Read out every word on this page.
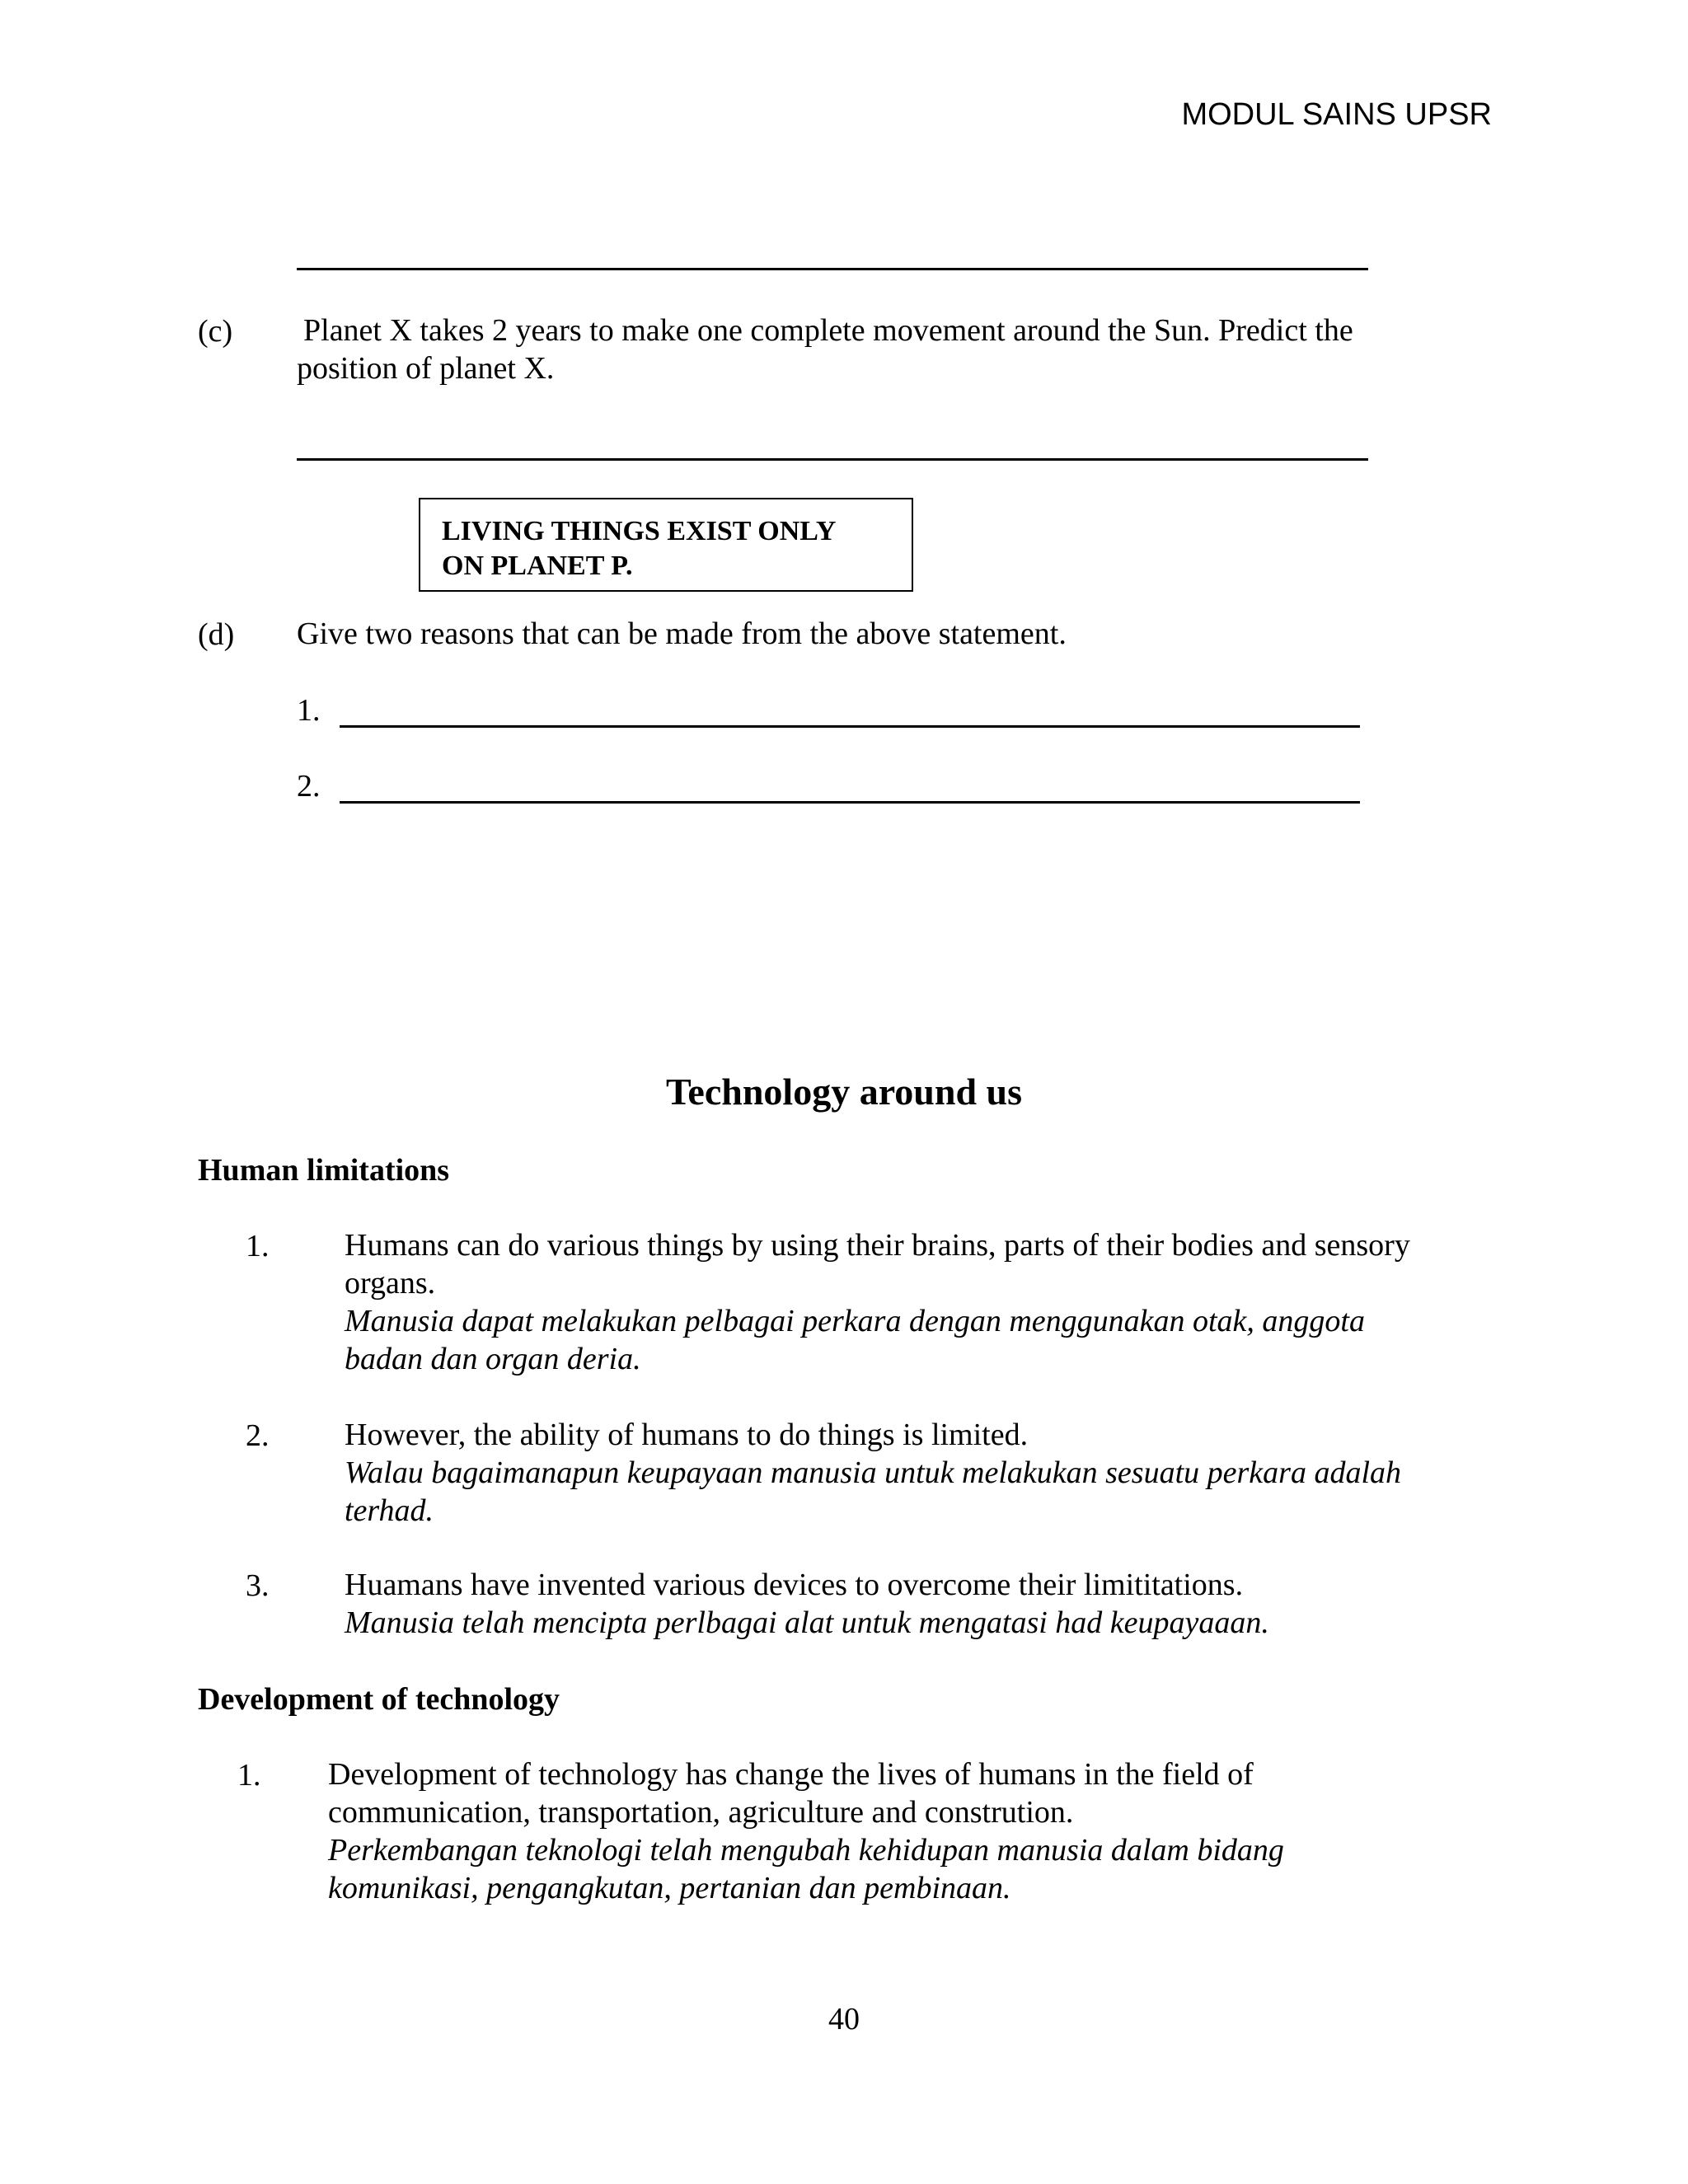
MODUL SAINS UPSR
(c) Planet X takes 2 years to make one complete movement around the Sun. Predict the position of planet X.
LIVING THINGS EXIST ONLY
ON PLANET P.
(d) Give two reasons that can be made from the above statement.
1.
2.
Technology around us
Human limitations
1. Humans can do various things by using their brains, parts of their bodies and sensory organs.
Manusia dapat melakukan pelbagai perkara dengan menggunakan otak, anggota badan dan organ deria.
2. However, the ability of humans to do things is limited.
Walau bagaimanapun keupayaan manusia untuk melakukan sesuatu perkara adalah terhad.
3. Huamans have invented various devices to overcome their limititations.
Manusia telah mencipta perlbagai alat untuk mengatasi had keupayaaan.
Development of technology
1. Development of technology has change the lives of humans in the field of communication, transportation, agriculture and constrution.
Perkembangan teknologi telah mengubah kehidupan manusia dalam bidang komunikasi, pengangkutan, pertanian dan pembinaan.
40
